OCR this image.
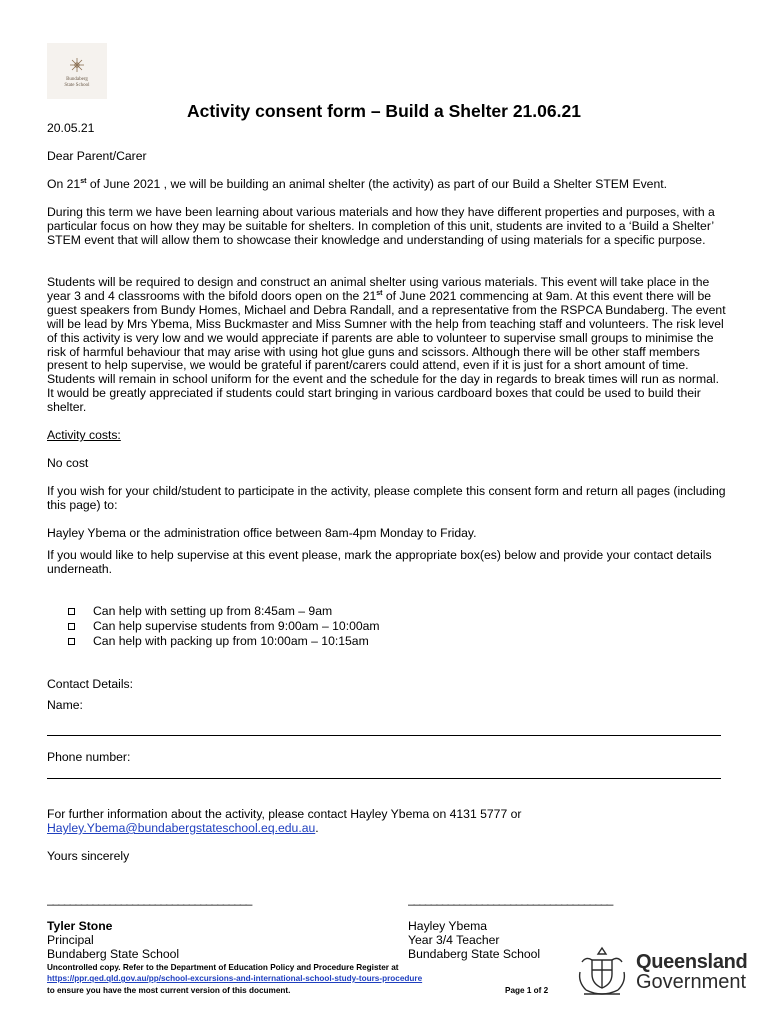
Bundaberg
State School
Activity consent form – Build a Shelter 21.06.21
20.05.21
Dear Parent/Carer
On 21st of June 2021 , we will be building an animal shelter (the activity) as part of our Build a Shelter STEM Event.
During this term we have been learning about various materials and how they have different properties and purposes, with a particular focus on how they may be suitable for shelters. In completion of this unit, students are invited to a ‘Build a Shelter’ STEM event that will allow them to showcase their knowledge and understanding of using materials for a specific purpose.
Students will be required to design and construct an animal shelter using various materials. This event will take place in the year 3 and 4 classrooms with the bifold doors open on the 21st of June 2021 commencing at 9am. At this event there will be guest speakers from Bundy Homes, Michael and Debra Randall, and a representative from the RSPCA Bundaberg. The event will be lead by Mrs Ybema, Miss Buckmaster and Miss Sumner with the help from teaching staff and volunteers. The risk level of this activity is very low and we would appreciate if parents are able to volunteer to supervise small groups to minimise the risk of harmful behaviour that may arise with using hot glue guns and scissors. Although there will be other staff members present to help supervise, we would be grateful if parent/carers could attend, even if it is just for a short amount of time. Students will remain in school uniform for the event and the schedule for the day in regards to break times will run as normal. It would be greatly appreciated if students could start bringing in various cardboard boxes that could be used to build their shelter.
Activity costs:
No cost
If you wish for your child/student to participate in the activity, please complete this consent form and return all pages (including this page) to:
Hayley Ybema or the administration office between 8am-4pm Monday to Friday.
If you would like to help supervise at this event please, mark the appropriate box(es) below and provide your contact details underneath.
Can help with setting up from 8:45am – 9am
Can help supervise students from 9:00am – 10:00am
Can help with packing up from 10:00am – 10:15am
Contact Details:
Name:
Phone number:
For further information about the activity, please contact Hayley Ybema on 4131 5777 or
Hayley.Ybema@bundabergstateschool.eq.edu.au.
Yours sincerely
____________________________________	____________________________________
Tyler Stone
Principal
Bundaberg State School
Hayley Ybema
Year 3/4 Teacher
Bundaberg State School
Uncontrolled copy. Refer to the Department of Education Policy and Procedure Register at
https://ppr.qed.qld.gov.au/pp/school-excursions-and-international-school-study-tours-procedure
to ensure you have the most current version of this document.	Page 1 of 2
Queensland
Government
